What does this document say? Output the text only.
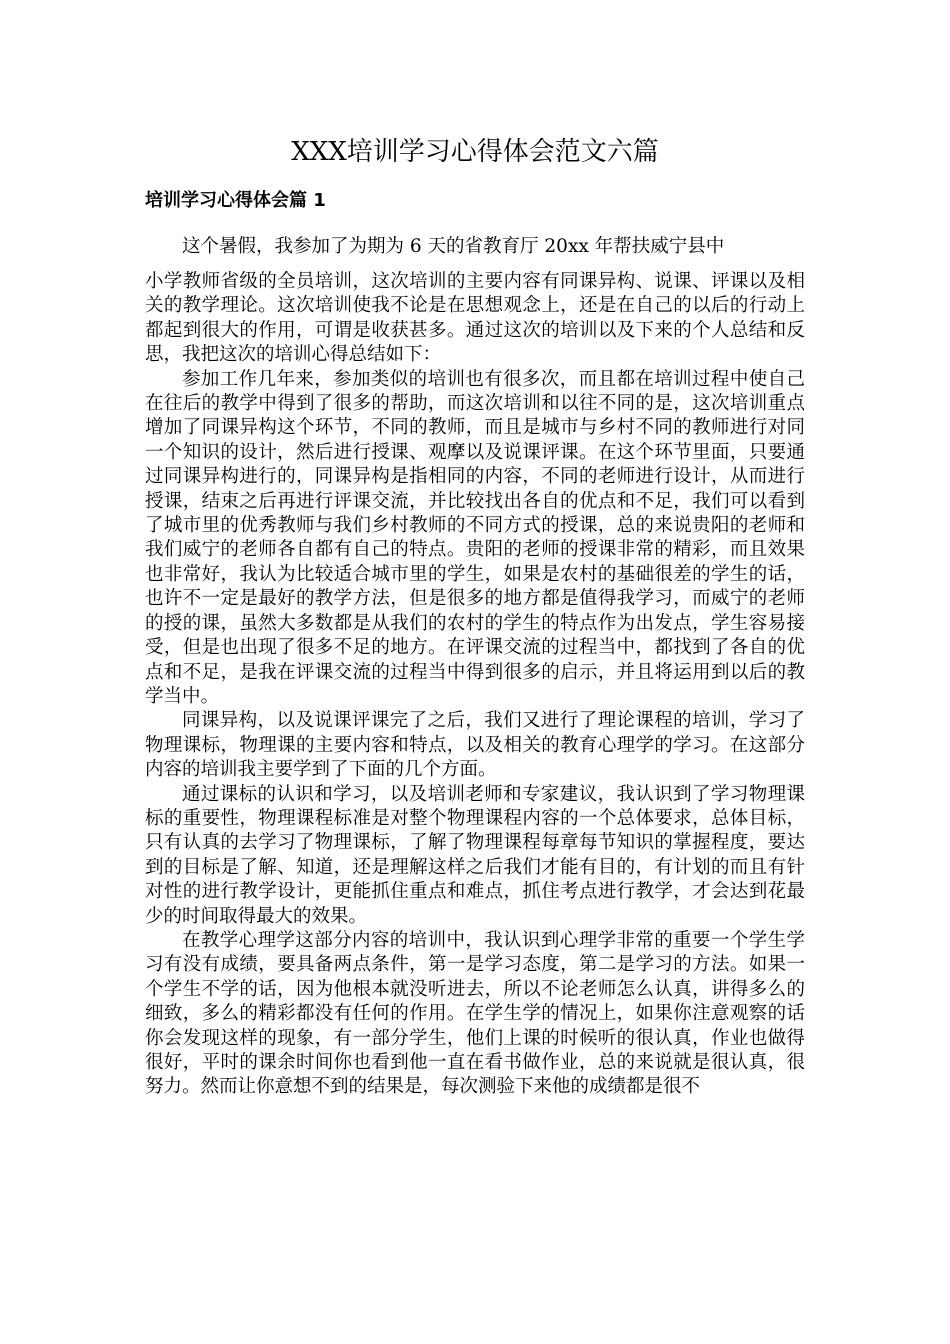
XXX培训学习心得体会范文六篇
培训学习心得体会篇 1
这个暑假，我参加了为期为 6 天的省教育厅 20xx 年帮扶威宁县中

小学教师省级的全员培训，这次培训的主要内容有同课异构、说课、评课以及相关的教学理论。这次培训使我不论是在思想观念上，还是在自己的以后的行动上都起到很大的作用，可谓是收获甚多。通过这次的培训以及下来的个人总结和反思，我把这次的培训心得总结如下：

参加工作几年来，参加类似的培训也有很多次，而且都在培训过程中使自己在往后的教学中得到了很多的帮助，而这次培训和以往不同的是，这次培训重点增加了同课异构这个环节，不同的教师，而且是城市与乡村不同的教师进行对同一个知识的设计，然后进行授课、观摩以及说课评课。在这个环节里面，只要通过同课异构进行的，同课异构是指相同的内容，不同的老师进行设计，从而进行授课，结束之后再进行评课交流，并比较找出各自的优点和不足，我们可以看到了城市里的优秀教师与我们乡村教师的不同方式的授课，总的来说贵阳的老师和我们威宁的老师各自都有自己的特点。贵阳的老师的授课非常的精彩，而且效果也非常好，我认为比较适合城市里的学生，如果是农村的基础很差的学生的话，也许不一定是最好的教学方法，但是很多的地方都是值得我学习，而威宁的老师的授的课，虽然大多数都是从我们的农村的学生的特点作为出发点，学生容易接受，但是也出现了很多不足的地方。在评课交流的过程当中，都找到了各自的优点和不足，是我在评课交流的过程当中得到很多的启示，并且将运用到以后的教学当中。

同课异构，以及说课评课完了之后，我们又进行了理论课程的培训，学习了物理课标，物理课的主要内容和特点，以及相关的教育心理学的学习。在这部分内容的培训我主要学到了下面的几个方面。

通过课标的认识和学习，以及培训老师和专家建议，我认识到了学习物理课标的重要性，物理课程标准是对整个物理课程内容的一个总体要求，总体目标，只有认真的去学习了物理课标，了解了物理课程每章每节知识的掌握程度，要达到的目标是了解、知道，还是理解这样之后我们才能有目的，有计划的而且有针对性的进行教学设计，更能抓住重点和难点，抓住考点进行教学，才会达到花最少的时间取得最大的效果。

在教学心理学这部分内容的培训中，我认识到心理学非常的重要一个学生学习有没有成绩，要具备两点条件，第一是学习态度，第二是学习的方法。如果一个学生不学的话，因为他根本就没听进去，所以不论老师怎么认真，讲得多么的细致，多么的精彩都没有任何的作用。在学生学的情况上，如果你注意观察的话你会发现这样的现象，有一部分学生，他们上课的时候听的很认真，作业也做得很好，平时的课余时间你也看到他一直在看书做作业，总的来说就是很认真，很努力。然而让你意想不到的结果是，每次测验下来他的成绩都是很不
